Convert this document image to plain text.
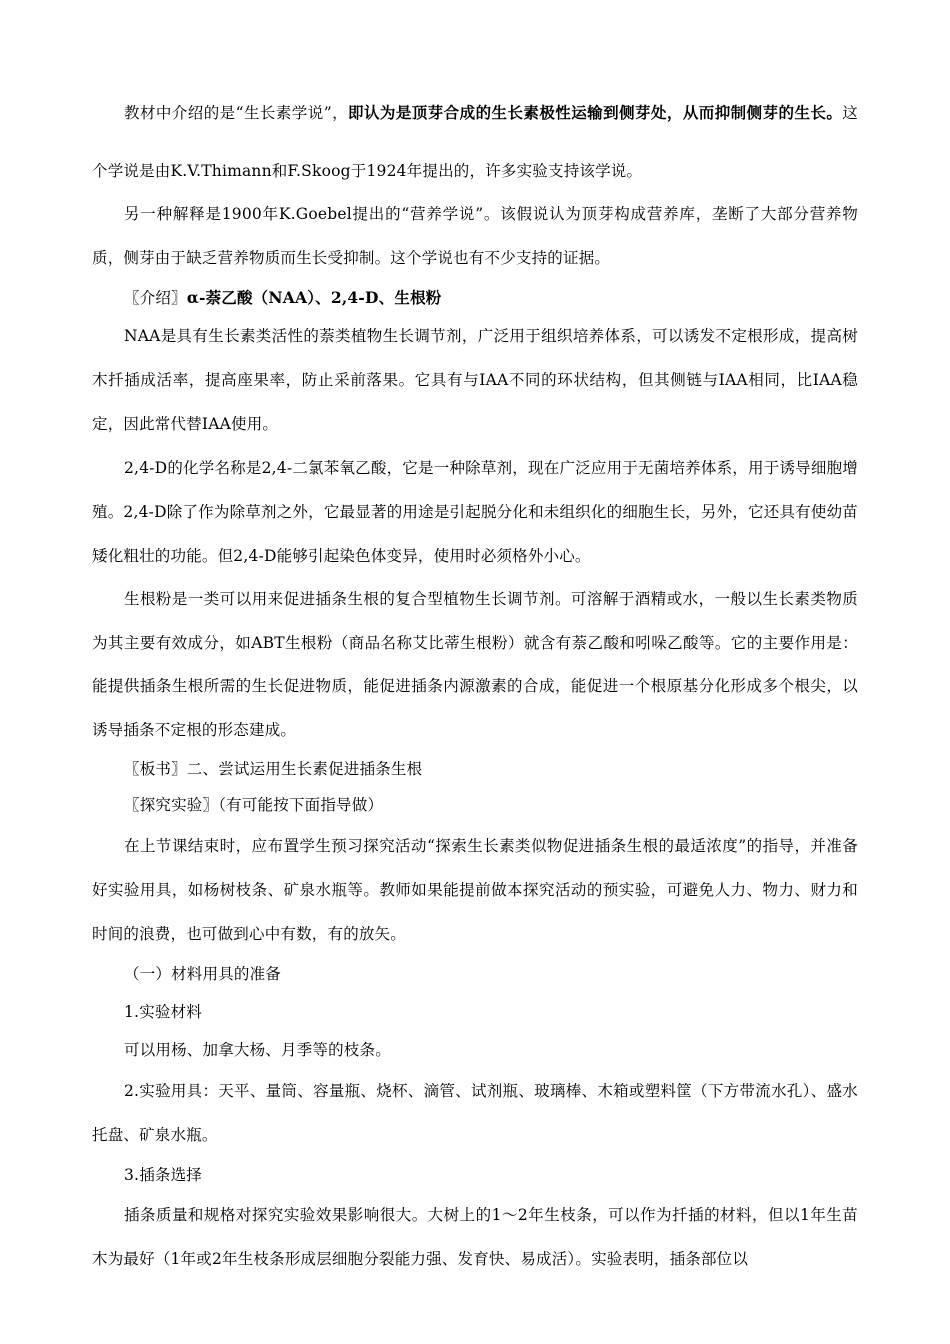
教材中介绍的是“生长素学说”，即认为是顶芽合成的生长素极性运输到侧芽处，从而抑制侧芽的生长。这个学说是由K.V.Thimann和F.Skoog于1924年提出的，许多实验支持该学说。

另一种解释是1900年K.Goebel提出的“营养学说”。该假说认为顶芽构成营养库，垄断了大部分营养物质，侧芽由于缺乏营养物质而生长受抑制。这个学说也有不少支持的证据。

〖介绍〗α-萘乙酸（NAA）、2,4-D、生根粉

NAA是具有生长素类活性的萘类植物生长调节剂，广泛用于组织培养体系，可以诱发不定根形成，提高树木扦插成活率，提高座果率，防止采前落果。它具有与IAA不同的环状结构，但其侧链与IAA相同，比IAA稳定，因此常代替IAA使用。

2,4-D的化学名称是2,4-二氯苯氧乙酸，它是一种除草剂，现在广泛应用于无菌培养体系，用于诱导细胞增殖。2,4-D除了作为除草剂之外，它最显著的用途是引起脱分化和未组织化的细胞生长，另外，它还具有使幼苗矮化粗壮的功能。但2,4-D能够引起染色体变异，使用时必须格外小心。

生根粉是一类可以用来促进插条生根的复合型植物生长调节剂。可溶解于酒精或水，一般以生长素类物质为其主要有效成分，如ABT生根粉（商品名称艾比蒂生根粉）就含有萘乙酸和吲哚乙酸等。它的主要作用是：能提供插条生根所需的生长促进物质，能促进插条内源激素的合成，能促进一个根原基分化形成多个根尖，以诱导插条不定根的形态建成。

〖板书〗二、尝试运用生长素促进插条生根

〖探究实验〗（有可能按下面指导做）

在上节课结束时，应布置学生预习探究活动“探索生长素类似物促进插条生根的最适浓度”的指导，并准备好实验用具，如杨树枝条、矿泉水瓶等。教师如果能提前做本探究活动的预实验，可避免人力、物力、财力和时间的浪费，也可做到心中有数，有的放矢。

（一）材料用具的准备

1.实验材料

可以用杨、加拿大杨、月季等的枝条。

2.实验用具：天平、量筒、容量瓶、烧杯、滴管、试剂瓶、玻璃棒、木箱或塑料筐（下方带流水孔）、盛水托盘、矿泉水瓶。

3.插条选择

插条质量和规格对探究实验效果影响很大。大树上的1～2年生枝条，可以作为扦插的材料，但以1年生苗木为最好（1年或2年生枝条形成层细胞分裂能力强、发育快、易成活）。实验表明，插条部位以
